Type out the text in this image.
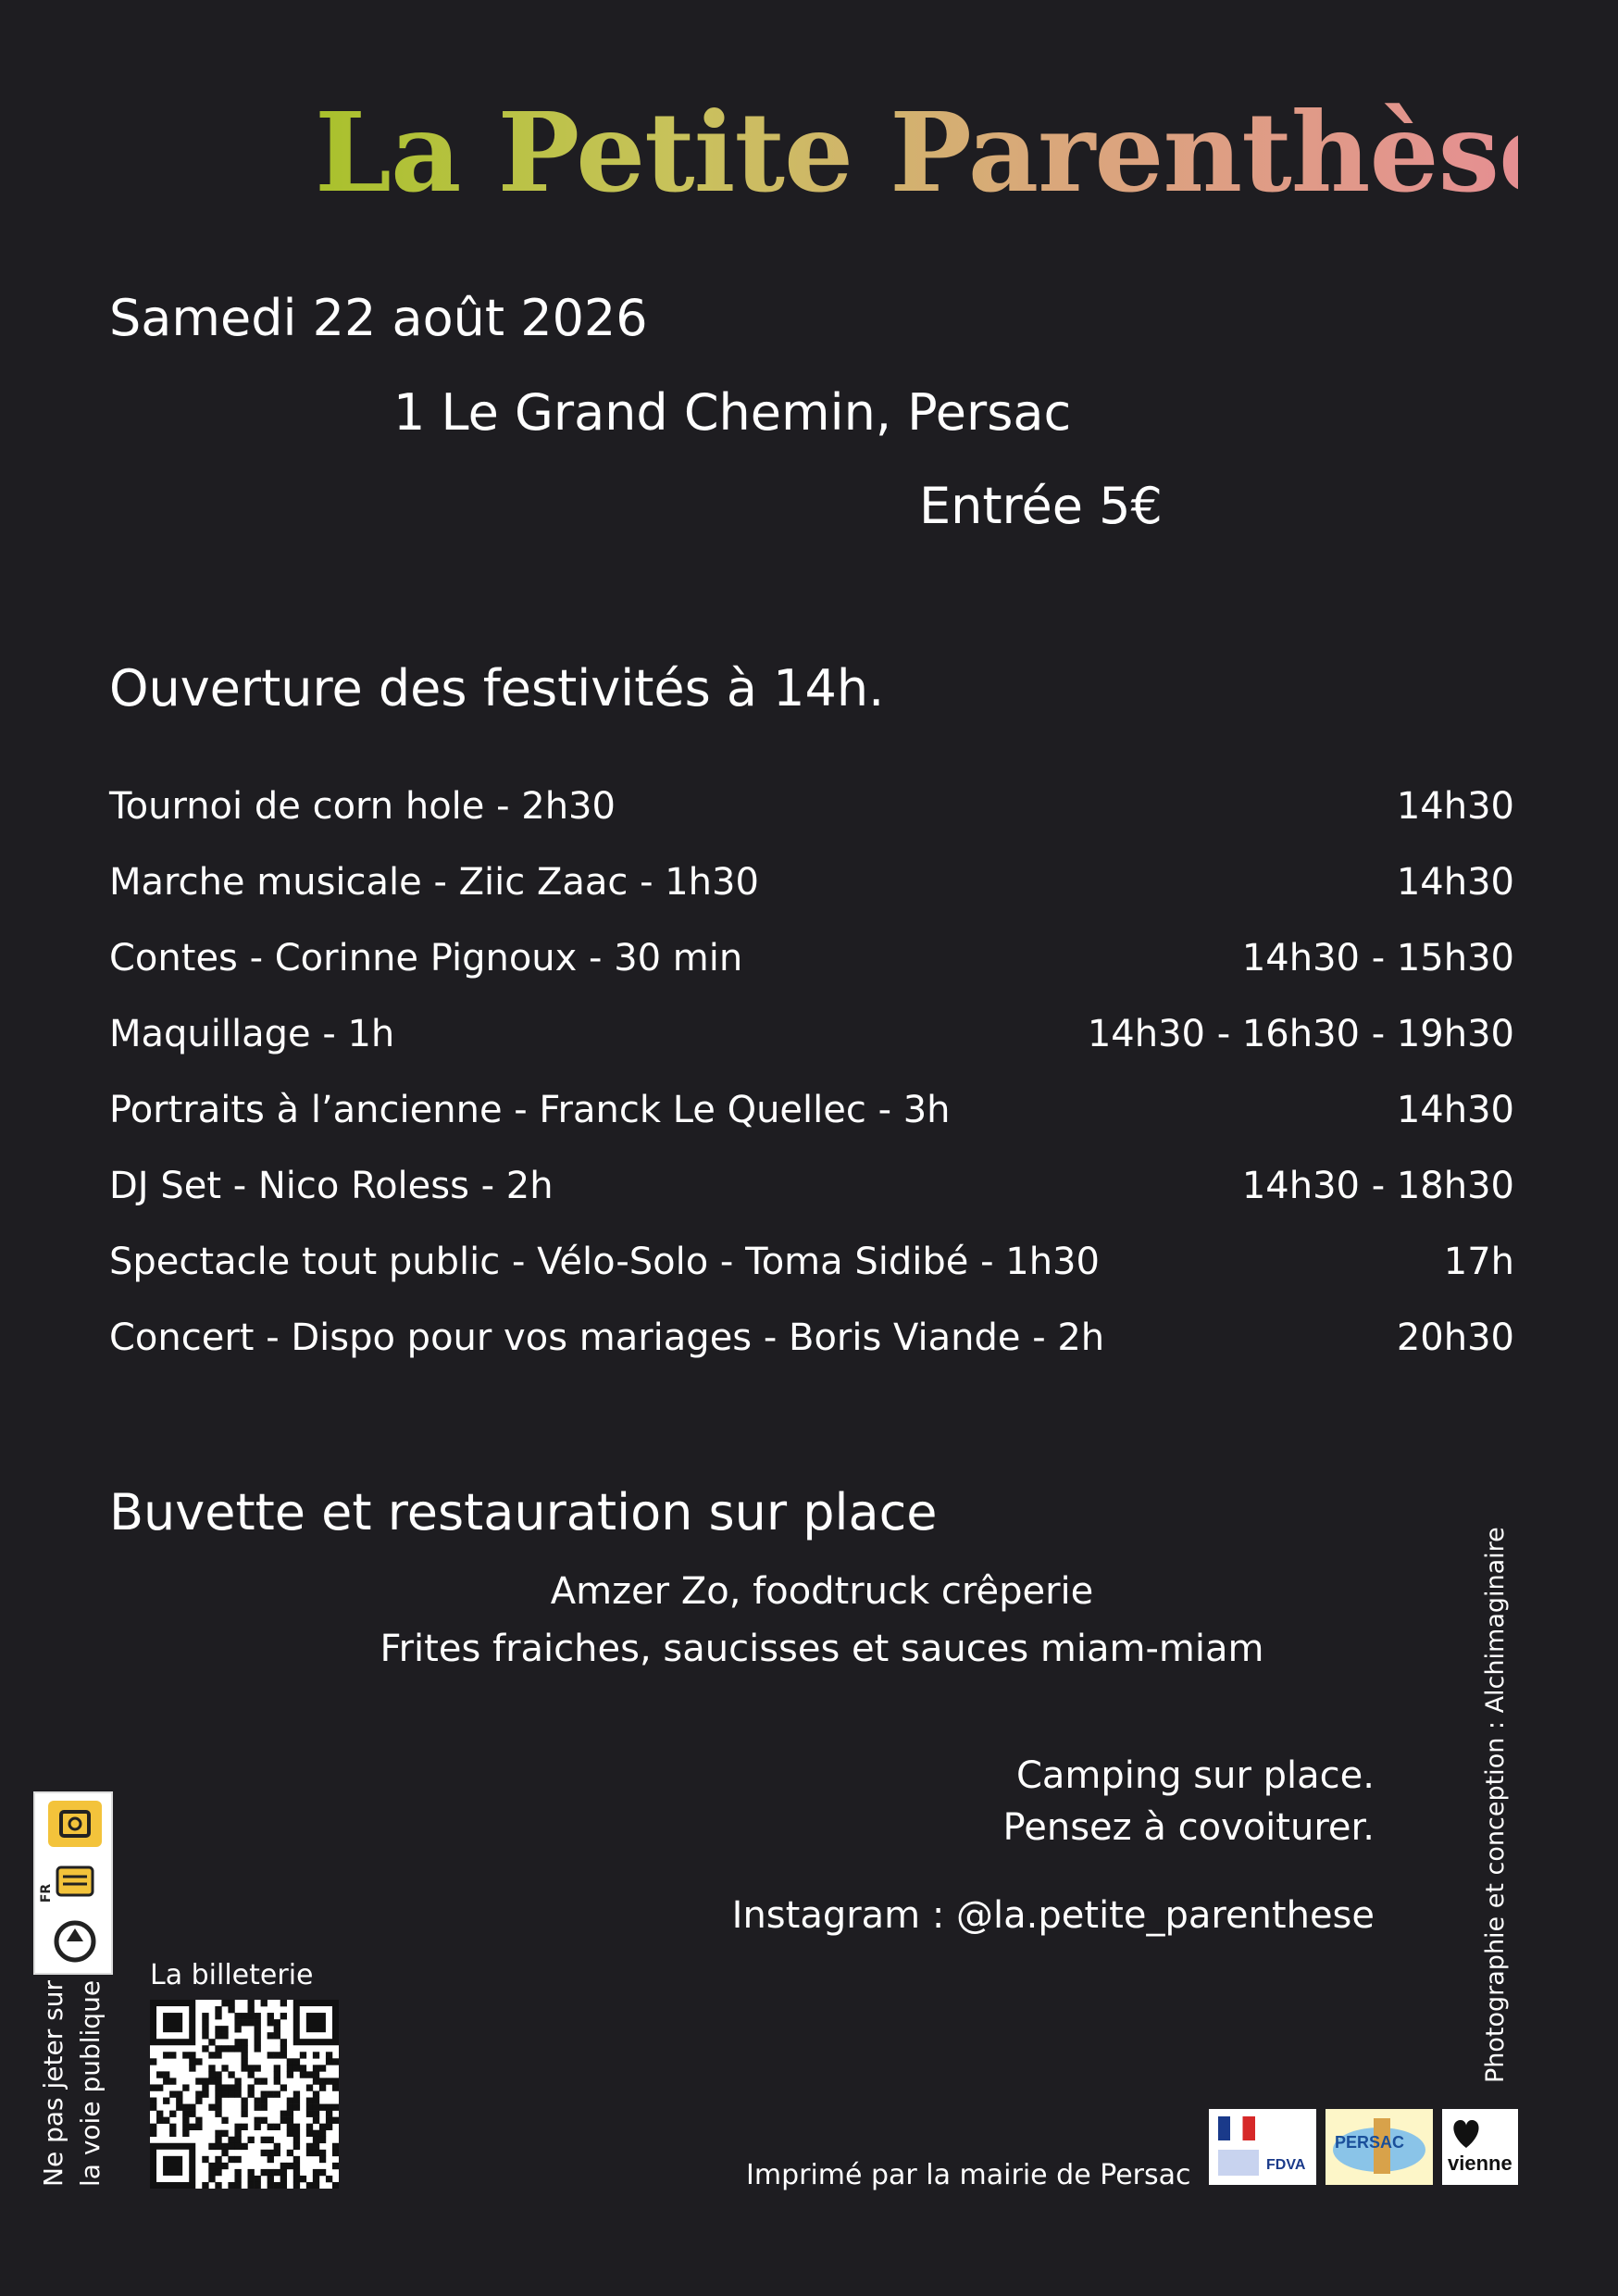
La Petite Parenthèse
Samedi 22 août 2026
1 Le Grand Chemin, Persac
Entrée 5€
Ouverture des festivités à 14h.
Tournoi de corn hole - 2h30	14h30
Marche musicale - Ziic Zaac - 1h30	14h30
Contes - Corinne Pignoux - 30 min	14h30 - 15h30
Maquillage - 1h	14h30 - 16h30 - 19h30
Portraits à l’ancienne - Franck Le Quellec - 3h	14h30
DJ Set - Nico Roless - 2h	14h30 - 18h30
Spectacle tout public - Vélo-Solo - Toma Sidibé - 1h30	17h
Concert - Dispo pour vos mariages - Boris Viande - 2h	20h30
Buvette et restauration sur place
Amzer Zo, foodtruck crêperie
Frites fraiches, saucisses et sauces miam-miam
Camping sur place.
Pensez à covoiturer.
Instagram : @la.petite_parenthese	Photographie et conception : Alchimaginaire
Ne pas jeter sur la voie publique
FR
La billeterie
Imprimé par la mairie de Persac	FDVA
PERSAC
vienne
